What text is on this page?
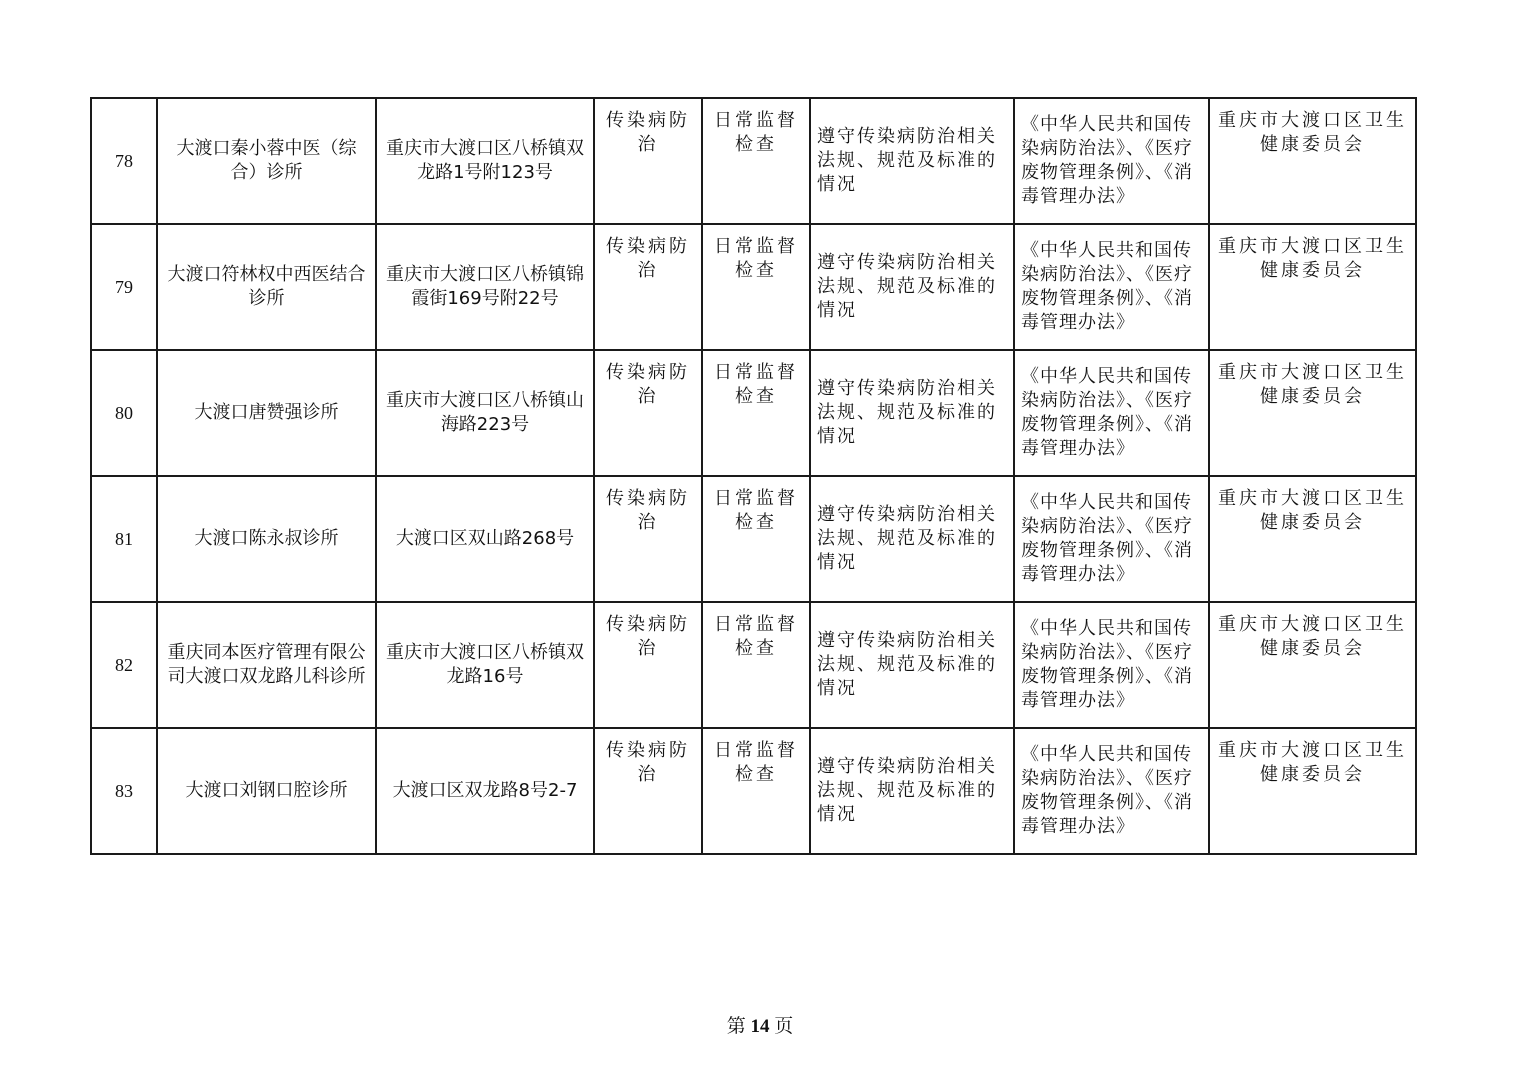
78	大渡口秦小蓉中医（综合）诊所	重庆市大渡口区八桥镇双龙路1号附123号	传染病防治	日常监督检查	遵守传染病防治相关法规、规范及标准的情况	《中华人民共和国传染病防治法》、《医疗废物管理条例》、《消毒管理办法》	重庆市大渡口区卫生健康委员会
79	大渡口符林权中西医结合诊所	重庆市大渡口区八桥镇锦霞街169号附22号	传染病防治	日常监督检查	遵守传染病防治相关法规、规范及标准的情况	《中华人民共和国传染病防治法》、《医疗废物管理条例》、《消毒管理办法》	重庆市大渡口区卫生健康委员会
80	大渡口唐赞强诊所	重庆市大渡口区八桥镇山海路223号	传染病防治	日常监督检查	遵守传染病防治相关法规、规范及标准的情况	《中华人民共和国传染病防治法》、《医疗废物管理条例》、《消毒管理办法》	重庆市大渡口区卫生健康委员会
81	大渡口陈永叔诊所	大渡口区双山路268号	传染病防治	日常监督检查	遵守传染病防治相关法规、规范及标准的情况	《中华人民共和国传染病防治法》、《医疗废物管理条例》、《消毒管理办法》	重庆市大渡口区卫生健康委员会
82	重庆同本医疗管理有限公司大渡口双龙路儿科诊所	重庆市大渡口区八桥镇双龙路16号	传染病防治	日常监督检查	遵守传染病防治相关法规、规范及标准的情况	《中华人民共和国传染病防治法》、《医疗废物管理条例》、《消毒管理办法》	重庆市大渡口区卫生健康委员会
83	大渡口刘钢口腔诊所	大渡口区双龙路8号2-7	传染病防治	日常监督检查	遵守传染病防治相关法规、规范及标准的情况	《中华人民共和国传染病防治法》、《医疗废物管理条例》、《消毒管理办法》	重庆市大渡口区卫生健康委员会
第 14 页
